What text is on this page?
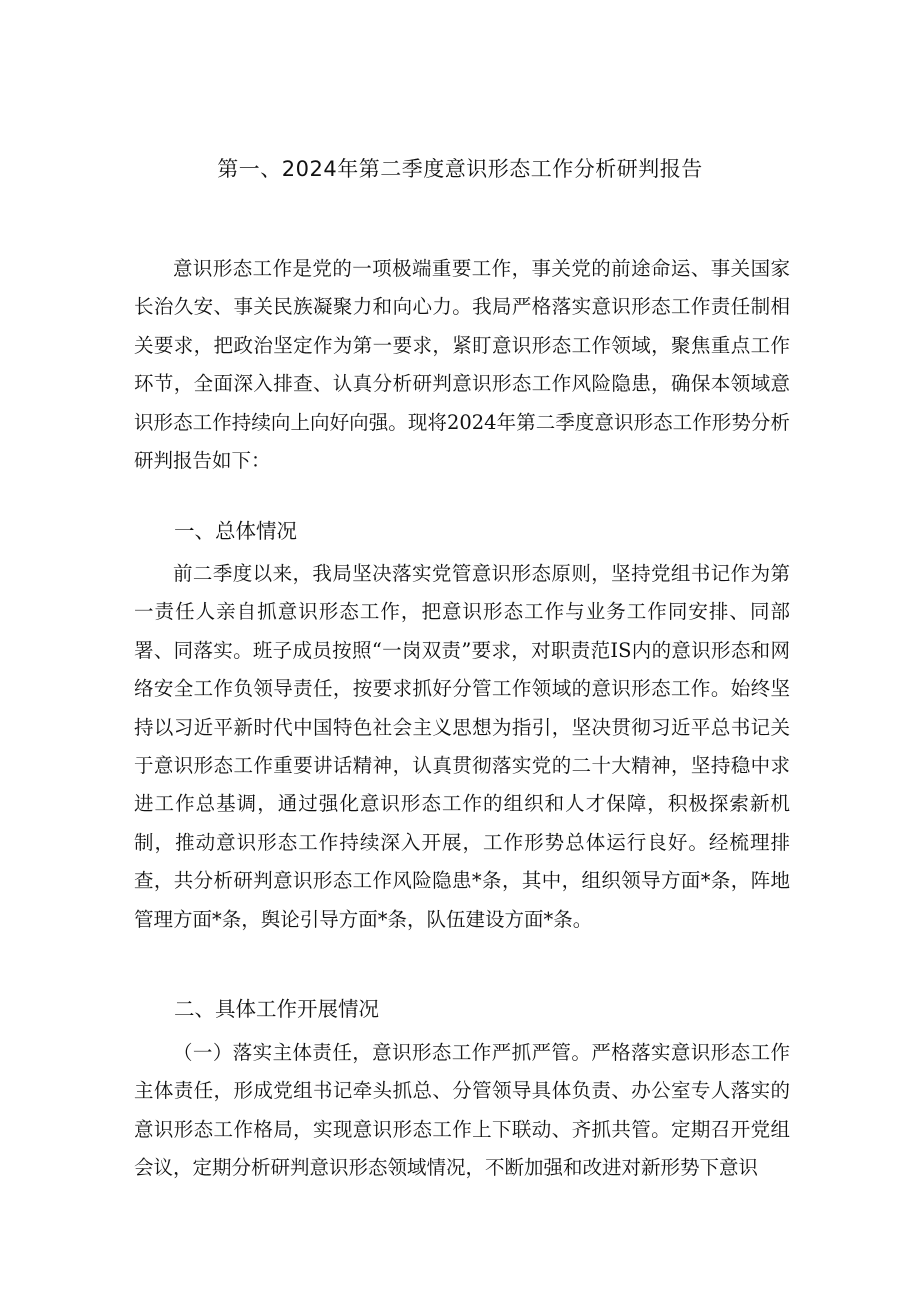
第一、2024年第二季度意识形态工作分析研判报告

意识形态工作是党的一项极端重要工作，事关党的前途命运、事关国家长治久安、事关民族凝聚力和向心力。我局严格落实意识形态工作责任制相关要求，把政治坚定作为第一要求，紧盯意识形态工作领域，聚焦重点工作环节，全面深入排查、认真分析研判意识形态工作风险隐患，确保本领域意识形态工作持续向上向好向强。现将2024年第二季度意识形态工作形势分析研判报告如下：

一、总体情况

前二季度以来，我局坚决落实党管意识形态原则，坚持党组书记作为第一责任人亲自抓意识形态工作，把意识形态工作与业务工作同安排、同部署、同落实。班子成员按照“一岗双责”要求，对职责范IS内的意识形态和网络安全工作负领导责任，按要求抓好分管工作领域的意识形态工作。始终坚持以习近平新时代中国特色社会主义思想为指引，坚决贯彻习近平总书记关于意识形态工作重要讲话精神，认真贯彻落实党的二十大精神，坚持稳中求进工作总基调，通过强化意识形态工作的组织和人才保障，积极探索新机制，推动意识形态工作持续深入开展，工作形势总体运行良好。经梳理排查，共分析研判意识形态工作风险隐患*条，其中，组织领导方面*条，阵地管理方面*条，舆论引导方面*条，队伍建设方面*条。

二、具体工作开展情况

（一）落实主体责任，意识形态工作严抓严管。严格落实意识形态工作主体责任，形成党组书记牵头抓总、分管领导具体负责、办公室专人落实的意识形态工作格局，实现意识形态工作上下联动、齐抓共管。定期召开党组会议，定期分析研判意识形态领域情况，不断加强和改进对新形势下意识
